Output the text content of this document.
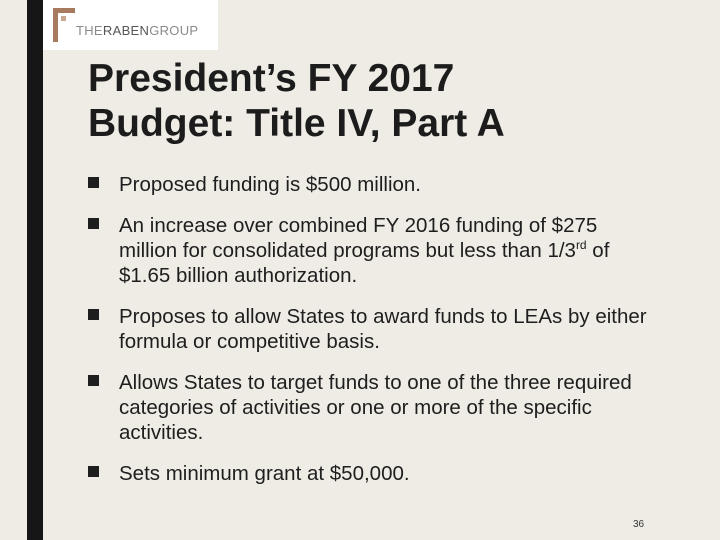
THERABENGROUP
President’s FY 2017
Budget: Title IV, Part A
Proposed funding is $500 million.
An increase over combined FY 2016 funding of $275 million for consolidated programs but less than 1/3rd of $1.65 billion authorization.
Proposes to allow States to award funds to LEAs by either formula or competitive basis.
Allows States to target funds to one of the three required categories of activities or one or more of the specific activities.
Sets minimum grant at $50,000.
36
